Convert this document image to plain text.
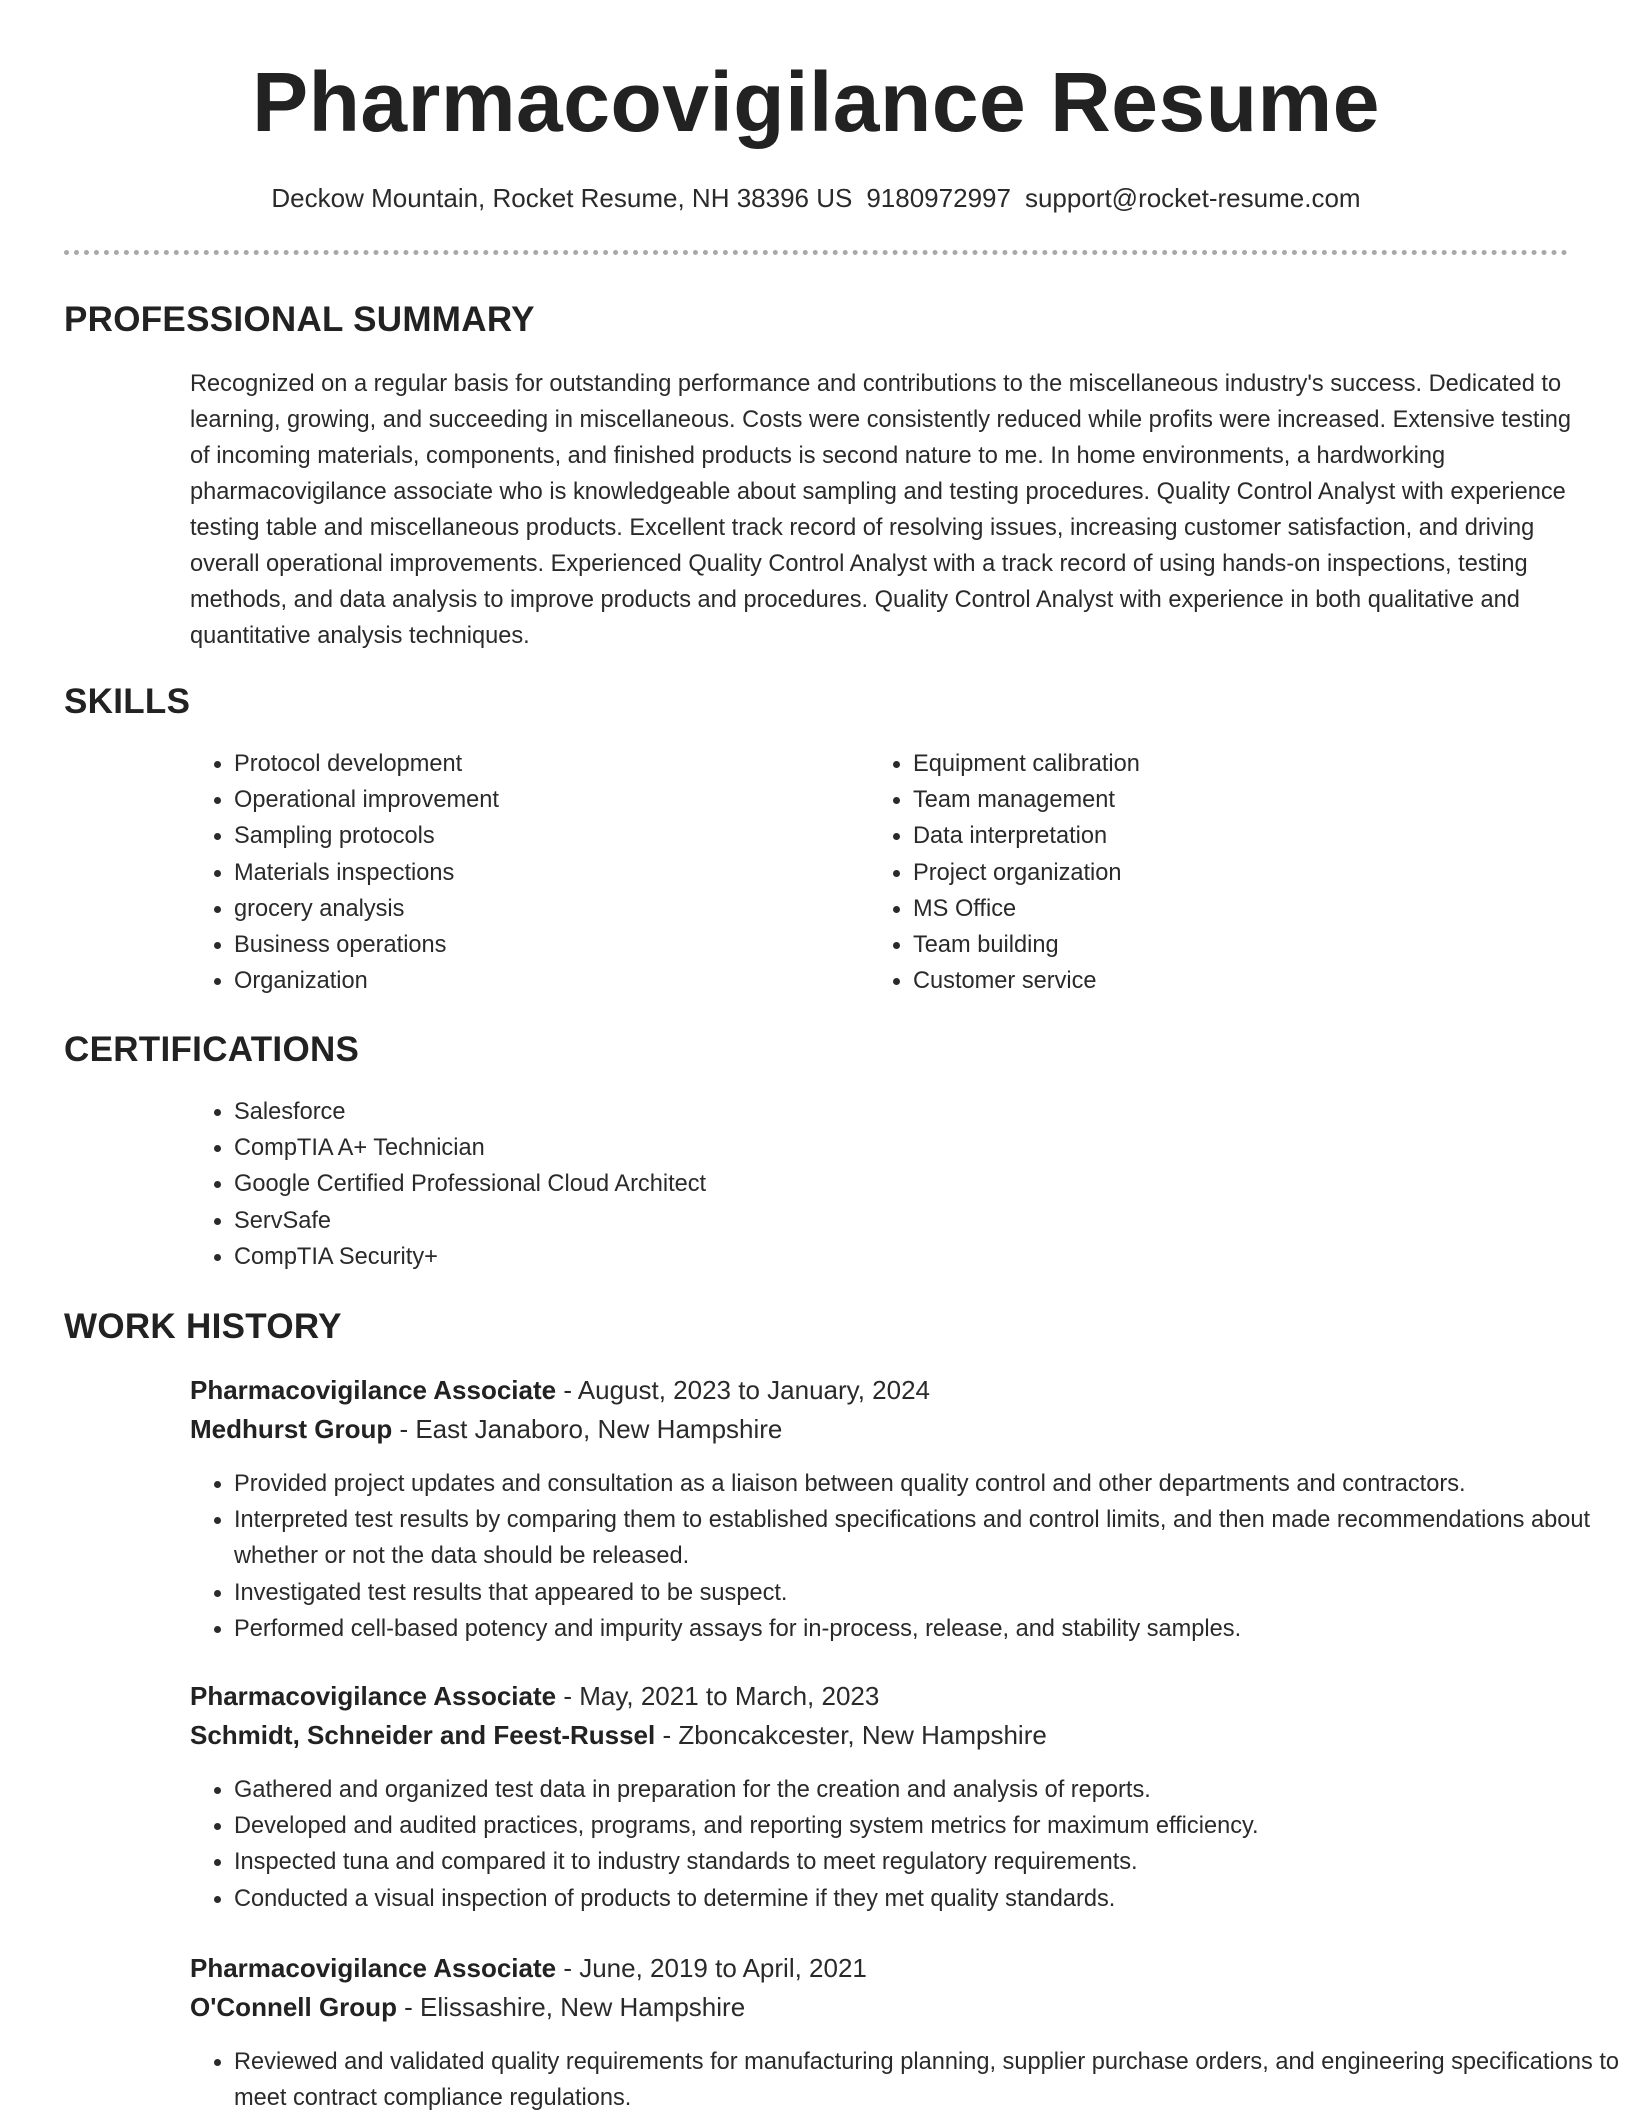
Pharmacovigilance Resume
Deckow Mountain, Rocket Resume, NH 38396 US 9180972997 support@rocket-resume.com
PROFESSIONAL SUMMARY
Recognized on a regular basis for outstanding performance and contributions to the miscellaneous industry's success. Dedicated to learning, growing, and succeeding in miscellaneous. Costs were consistently reduced while profits were increased. Extensive testing of incoming materials, components, and finished products is second nature to me. In home environments, a hardworking pharmacovigilance associate who is knowledgeable about sampling and testing procedures. Quality Control Analyst with experience testing table and miscellaneous products. Excellent track record of resolving issues, increasing customer satisfaction, and driving overall operational improvements. Experienced Quality Control Analyst with a track record of using hands-on inspections, testing methods, and data analysis to improve products and procedures. Quality Control Analyst with experience in both qualitative and quantitative analysis techniques.
SKILLS
• Protocol development
• Operational improvement
• Sampling protocols
• Materials inspections
• grocery analysis
• Business operations
• Organization
• Equipment calibration
• Team management
• Data interpretation
• Project organization
• MS Office
• Team building
• Customer service
CERTIFICATIONS
• Salesforce
• CompTIA A+ Technician
• Google Certified Professional Cloud Architect
• ServSafe
• CompTIA Security+
WORK HISTORY
Pharmacovigilance Associate - August, 2023 to January, 2024
Medhurst Group - East Janaboro, New Hampshire
• Provided project updates and consultation as a liaison between quality control and other departments and contractors.
• Interpreted test results by comparing them to established specifications and control limits, and then made recommendations about whether or not the data should be released.
• Investigated test results that appeared to be suspect.
• Performed cell-based potency and impurity assays for in-process, release, and stability samples.
Pharmacovigilance Associate - May, 2021 to March, 2023
Schmidt, Schneider and Feest-Russel - Zboncakcester, New Hampshire
• Gathered and organized test data in preparation for the creation and analysis of reports.
• Developed and audited practices, programs, and reporting system metrics for maximum efficiency.
• Inspected tuna and compared it to industry standards to meet regulatory requirements.
• Conducted a visual inspection of products to determine if they met quality standards.
Pharmacovigilance Associate - June, 2019 to April, 2021
O'Connell Group - Elissashire, New Hampshire
• Reviewed and validated quality requirements for manufacturing planning, supplier purchase orders, and engineering specifications to meet contract compliance regulations.
